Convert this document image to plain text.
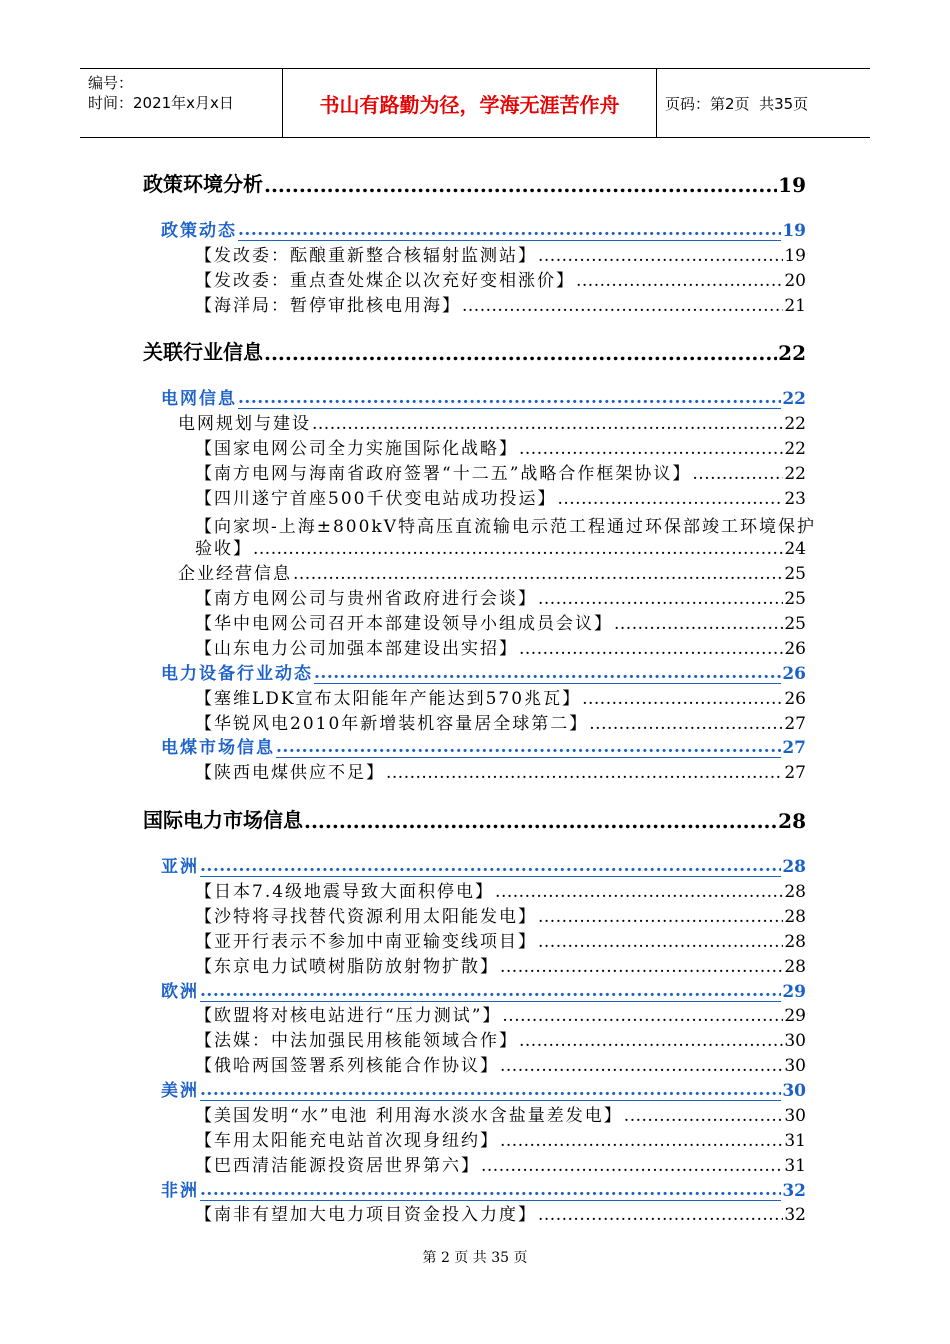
编号：
时间：2021年x月x日	书山有路勤为径，学海无涯苦作舟	页码：第2页  共35页
政策环境分析 .....	19
政策动态 .....	19
【发改委：酝酿重新整合核辐射监测站】 .....	19
【发改委：重点查处煤企以次充好变相涨价】 .....	20
【海洋局：暂停审批核电用海】 .....	21
关联行业信息 .....	22
电网信息 .....	22
电网规划与建设 .....	22
【国家电网公司全力实施国际化战略】 .....	22
【南方电网与海南省政府签署“十二五”战略合作框架协议】 .....	22
【四川遂宁首座500千伏变电站成功投运】 .....	23
【向家坝-上海±800kV特高压直流输电示范工程通过环保部竣工环境保护
验收】 .....	24
企业经营信息 .....	25
【南方电网公司与贵州省政府进行会谈】 .....	25
【华中电网公司召开本部建设领导小组成员会议】 .....	25
【山东电力公司加强本部建设出实招】 .....	26
电力设备行业动态 .....	26
【塞维LDK宣布太阳能年产能达到570兆瓦】 .....	26
【华锐风电2010年新增装机容量居全球第二】 .....	27
电煤市场信息 .....	27
【陕西电煤供应不足】 .....	27
国际电力市场信息 .....	28
亚洲 .....	28
【日本7.4级地震导致大面积停电】 .....	28
【沙特将寻找替代资源利用太阳能发电】 .....	28
【亚开行表示不参加中南亚输变线项目】 .....	28
【东京电力试喷树脂防放射物扩散】 .....	28
欧洲 .....	29
【欧盟将对核电站进行“压力测试”】 .....	29
【法媒：中法加强民用核能领域合作】 .....	30
【俄哈两国签署系列核能合作协议】 .....	30
美洲 .....	30
【美国发明“水”电池 利用海水淡水含盐量差发电】 .....	30
【车用太阳能充电站首次现身纽约】 .....	31
【巴西清洁能源投资居世界第六】 .....	31
非洲 .....	32
【南非有望加大电力项目资金投入力度】 .....	32
第 2 页 共 35 页
